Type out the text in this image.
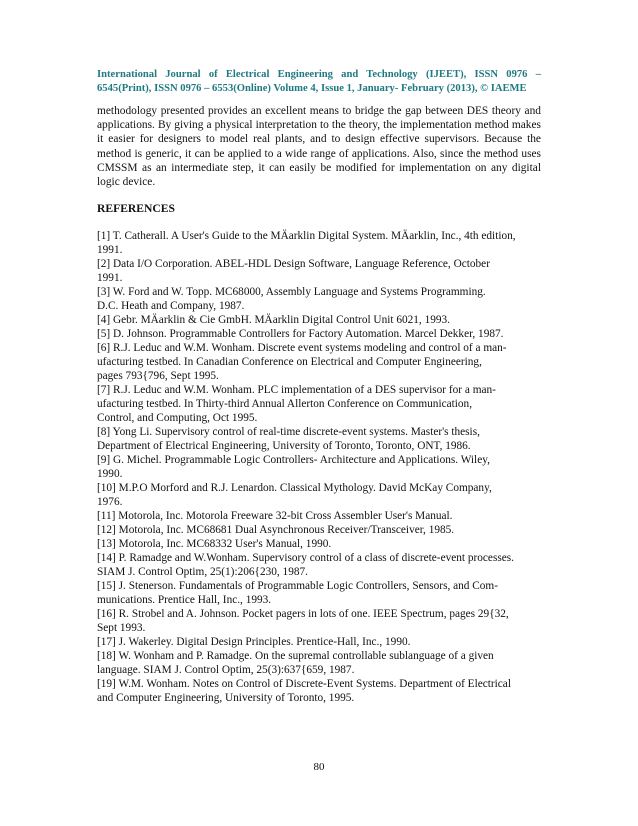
International Journal of Electrical Engineering and Technology (IJEET), ISSN 0976 – 6545(Print), ISSN 0976 – 6553(Online) Volume 4, Issue 1, January- February (2013), © IAEME

methodology presented provides an excellent means to bridge the gap between DES theory and applications. By giving a physical interpretation to the theory, the implementation method makes it easier for designers to model real plants, and to design effective supervisors. Because the method is generic, it can be applied to a wide range of applications. Also, since the method uses CMSSM as an intermediate step, it can easily be modified for implementation on any digital logic device.

REFERENCES
[1] T. Catherall. A User's Guide to the MÄarklin Digital System. MÄarklin, Inc., 4th edition,
1991.
[2] Data I/O Corporation. ABEL-HDL Design Software, Language Reference, October
1991.
[3] W. Ford and W. Topp. MC68000, Assembly Language and Systems Programming.
D.C. Heath and Company, 1987.
[4] Gebr. MÄarklin & Cie GmbH. MÄarklin Digital Control Unit 6021, 1993.
[5] D. Johnson. Programmable Controllers for Factory Automation. Marcel Dekker, 1987.
[6] R.J. Leduc and W.M. Wonham. Discrete event systems modeling and control of a man-
ufacturing testbed. In Canadian Conference on Electrical and Computer Engineering,
pages 793{796, Sept 1995.
[7] R.J. Leduc and W.M. Wonham. PLC implementation of a DES supervisor for a man-
ufacturing testbed. In Thirty-third Annual Allerton Conference on Communication,
Control, and Computing, Oct 1995.
[8] Yong Li. Supervisory control of real-time discrete-event systems. Master's thesis,
Department of Electrical Engineering, University of Toronto, Toronto, ONT, 1986.
[9] G. Michel. Programmable Logic Controllers- Architecture and Applications. Wiley,
1990.
[10] M.P.O Morford and R.J. Lenardon. Classical Mythology. David McKay Company,
1976.
[11] Motorola, Inc. Motorola Freeware 32-bit Cross Assembler User's Manual.
[12] Motorola, Inc. MC68681 Dual Asynchronous Receiver/Transceiver, 1985.
[13] Motorola, Inc. MC68332 User's Manual, 1990.
[14] P. Ramadge and W.Wonham. Supervisory control of a class of discrete-event processes.
SIAM J. Control Optim, 25(1):206{230, 1987.
[15] J. Stenerson. Fundamentals of Programmable Logic Controllers, Sensors, and Com-
munications. Prentice Hall, Inc., 1993.
[16] R. Strobel and A. Johnson. Pocket pagers in lots of one. IEEE Spectrum, pages 29{32,
Sept 1993.
[17] J. Wakerley. Digital Design Principles. Prentice-Hall, Inc., 1990.
[18] W. Wonham and P. Ramadge. On the supremal controllable sublanguage of a given
language. SIAM J. Control Optim, 25(3):637{659, 1987.
[19] W.M. Wonham. Notes on Control of Discrete-Event Systems. Department of Electrical
and Computer Engineering, University of Toronto, 1995.
80
